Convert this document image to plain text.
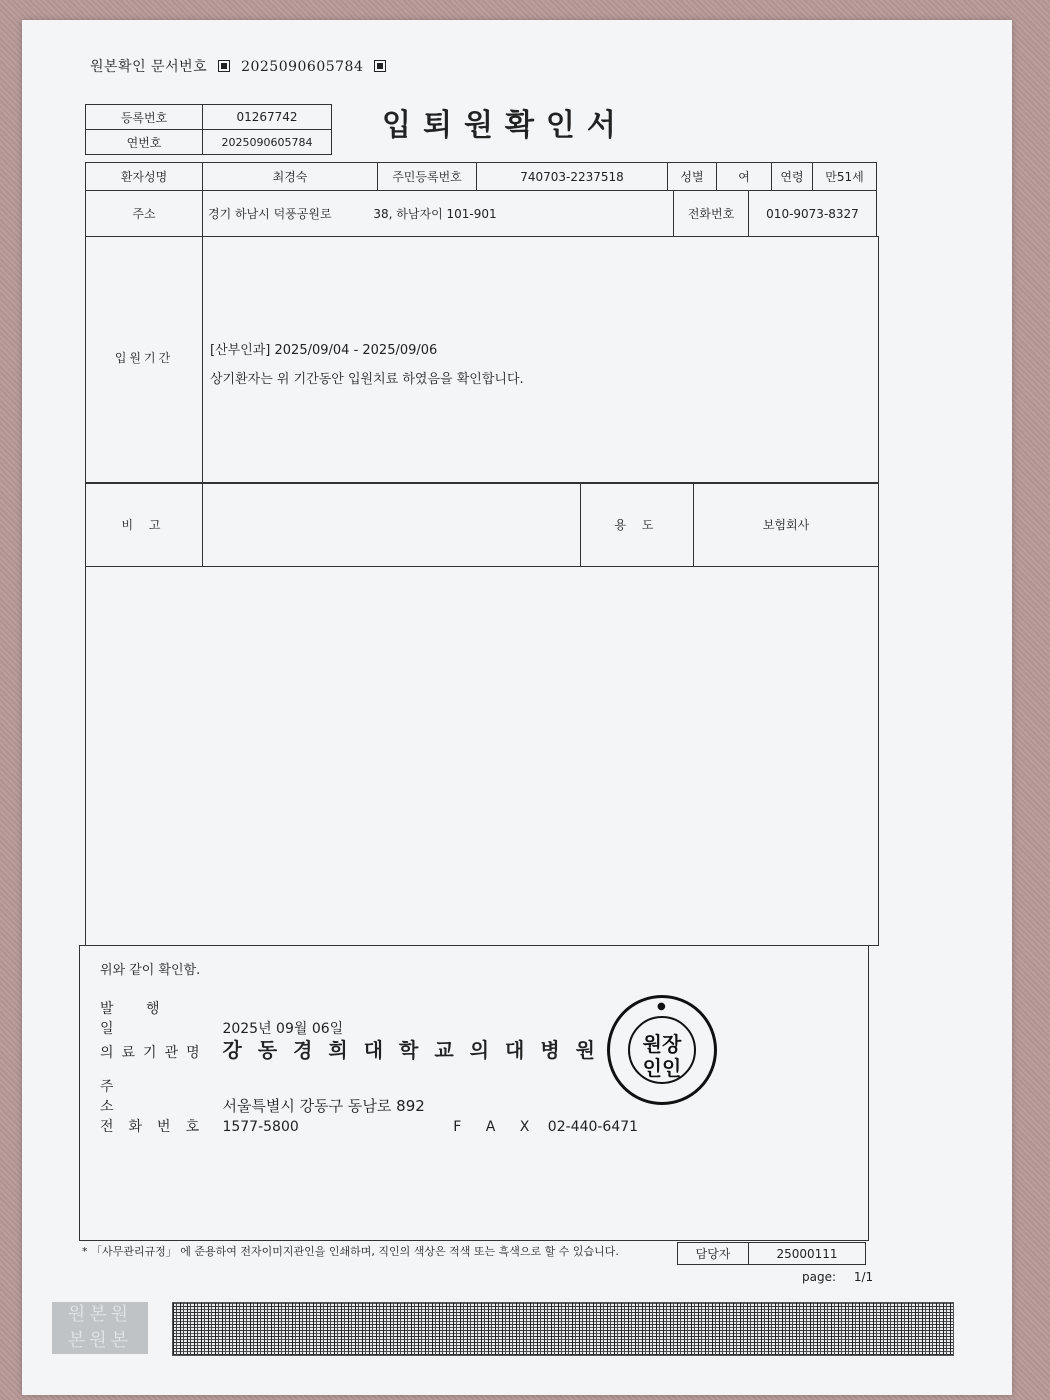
원본확인 문서번호 2025090605784
입퇴원확인서
등록번호	01267742
연번호	2025090605784
환자성명	최경숙	주민등록번호	740703-2237518	성별	여	연령	만51세
주소	경기 하남시 덕풍공원로	38, 하남자이 101-901	전화번호	010-9073-8327
입원기간	[산부인과] 2025/09/04 - 2025/09/06
상기환자는 위 기간동안 입원치료 하였음을 확인합니다.
비 고	용 도	보험회사
위와 같이 확인함.
발 행 일	2025년 09월 06일
의료기관명 강동경희대학교의대병원
주 소	서울특별시 강동구 동남로 892
전화번호 1577-5800	F A X 02-440-6471
원장
인인
●
* 「사무관리규정」 에 준용하여 전자이미지관인을 인쇄하며, 직인의 색상은 적색 또는 흑색으로 할 수 있습니다.	담당자	25000111
page: 1/1
원본원
본원본
